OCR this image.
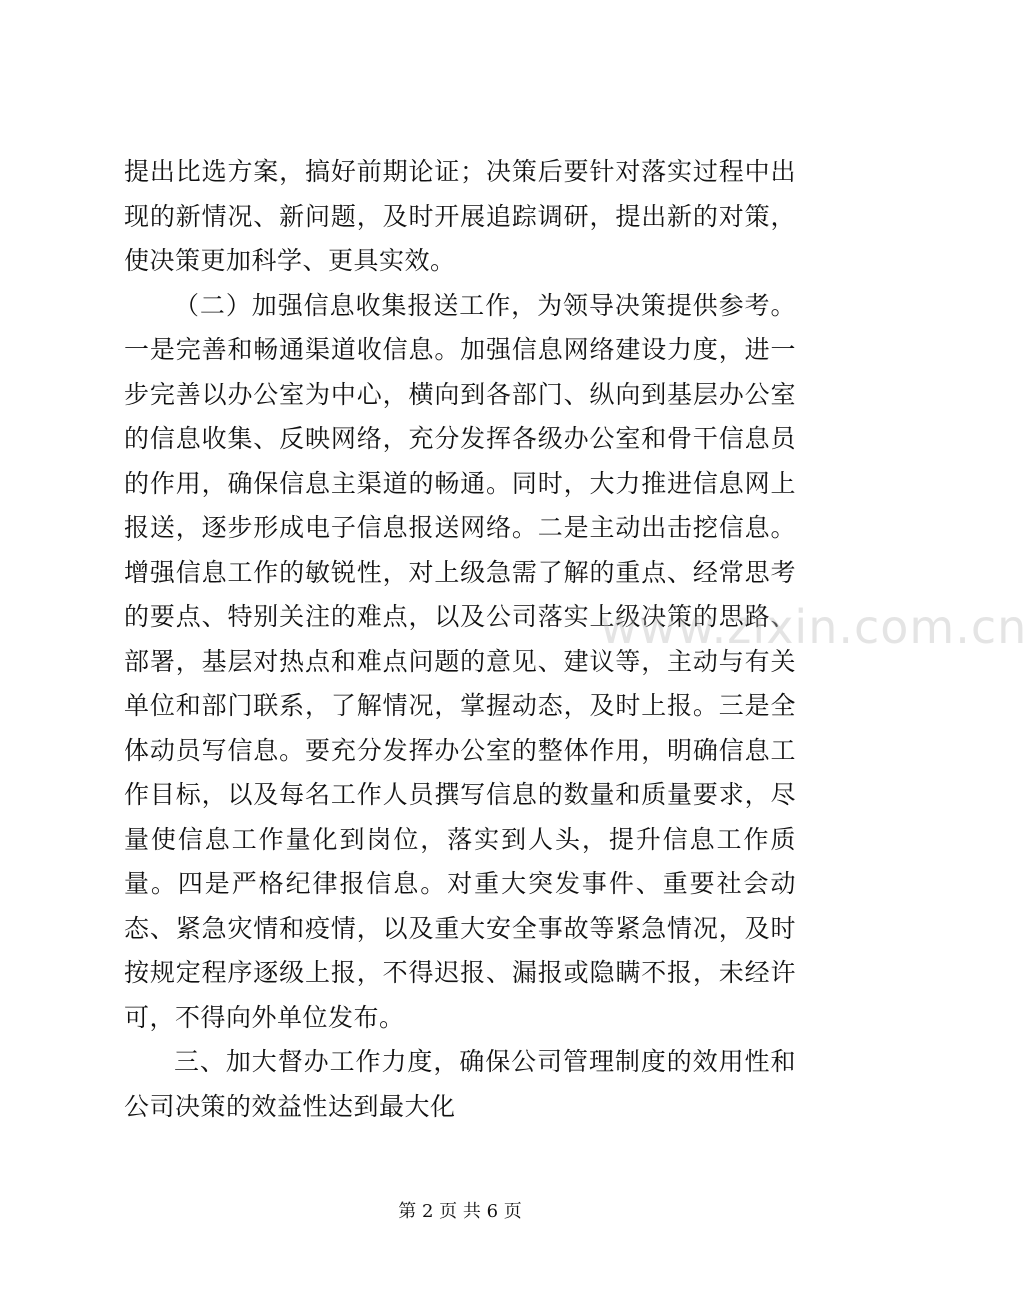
提出比选方案，搞好前期论证；决策后要针对落实过程中出现的新情况、新问题，及时开展追踪调研，提出新的对策，使决策更加科学、更具实效。

（二）加强信息收集报送工作，为领导决策提供参考。一是完善和畅通渠道收信息。加强信息网络建设力度，进一步完善以办公室为中心，横向到各部门、纵向到基层办公室的信息收集、反映网络，充分发挥各级办公室和骨干信息员的作用，确保信息主渠道的畅通。同时，大力推进信息网上报送，逐步形成电子信息报送网络。二是主动出击挖信息。增强信息工作的敏锐性，对上级急需了解的重点、经常思考的要点、特别关注的难点，以及公司落实上级决策的思路、部署，基层对热点和难点问题的意见、建议等，主动与有关单位和部门联系，了解情况，掌握动态，及时上报。三是全体动员写信息。要充分发挥办公室的整体作用，明确信息工作目标，以及每名工作人员撰写信息的数量和质量要求，尽量使信息工作量化到岗位，落实到人头，提升信息工作质量。四是严格纪律报信息。对重大突发事件、重要社会动态、紧急灾情和疫情，以及重大安全事故等紧急情况，及时按规定程序逐级上报，不得迟报、漏报或隐瞒不报，未经许可，不得向外单位发布。

三、加大督办工作力度，确保公司管理制度的效用性和公司决策的效益性达到最大化

www.zixin.com.cn
第 2 页 共 6 页
